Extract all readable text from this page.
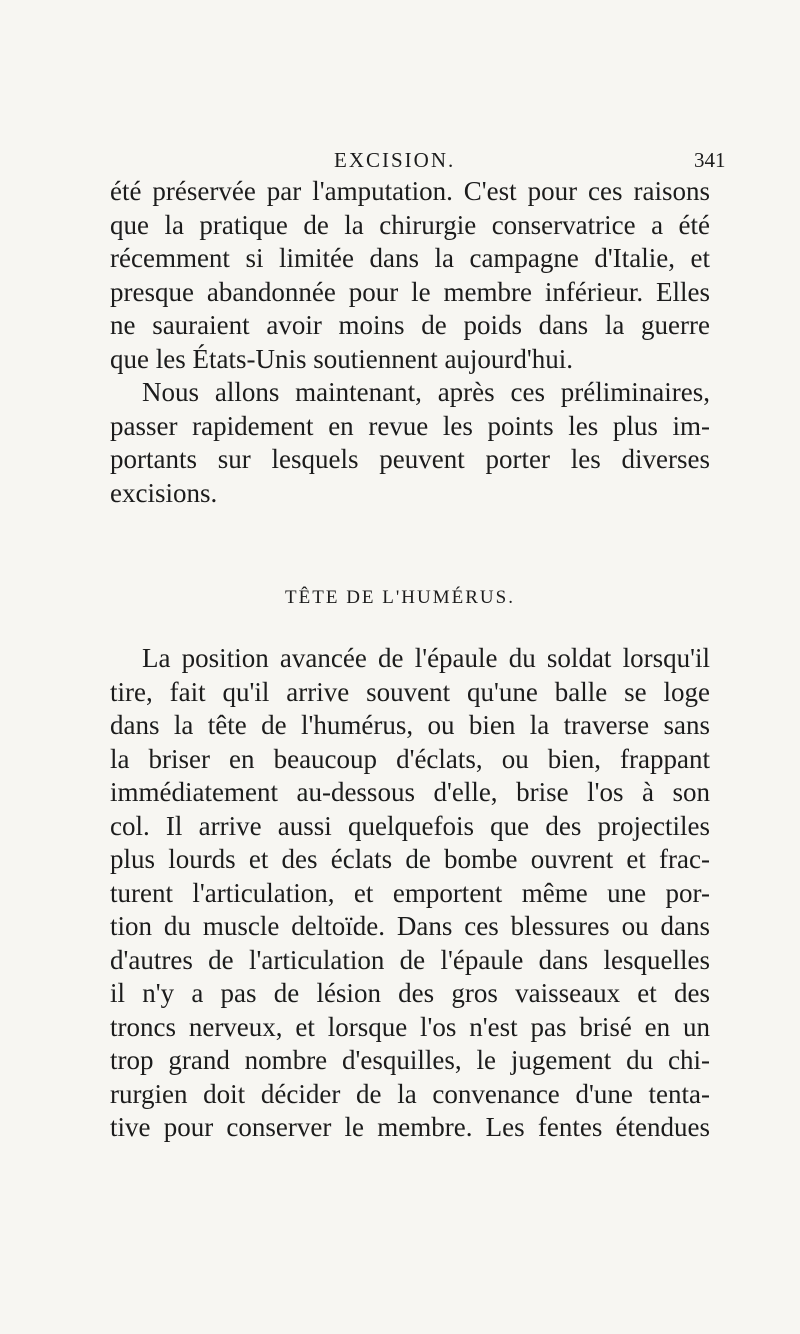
EXCISION.	341
été préservée par l'amputation. C'est pour ces raisons
que la pratique de la chirurgie conservatrice a été
récemment si limitée dans la campagne d'Italie, et
presque abandonnée pour le membre inférieur. Elles
ne sauraient avoir moins de poids dans la guerre
que les États-Unis soutiennent aujourd'hui.
Nous allons maintenant, après ces préliminaires,
passer rapidement en revue les points les plus im-
portants sur lesquels peuvent porter les diverses
excisions.
TÊTE DE L'HUMÉRUS.
La position avancée de l'épaule du soldat lorsqu'il
tire, fait qu'il arrive souvent qu'une balle se loge
dans la tête de l'humérus, ou bien la traverse sans
la briser en beaucoup d'éclats, ou bien, frappant
immédiatement au-dessous d'elle, brise l'os à son
col. Il arrive aussi quelquefois que des projectiles
plus lourds et des éclats de bombe ouvrent et frac-
turent l'articulation, et emportent même une por-
tion du muscle deltoïde. Dans ces blessures ou dans
d'autres de l'articulation de l'épaule dans lesquelles
il n'y a pas de lésion des gros vaisseaux et des
troncs nerveux, et lorsque l'os n'est pas brisé en un
trop grand nombre d'esquilles, le jugement du chi-
rurgien doit décider de la convenance d'une tenta-
tive pour conserver le membre. Les fentes étendues
